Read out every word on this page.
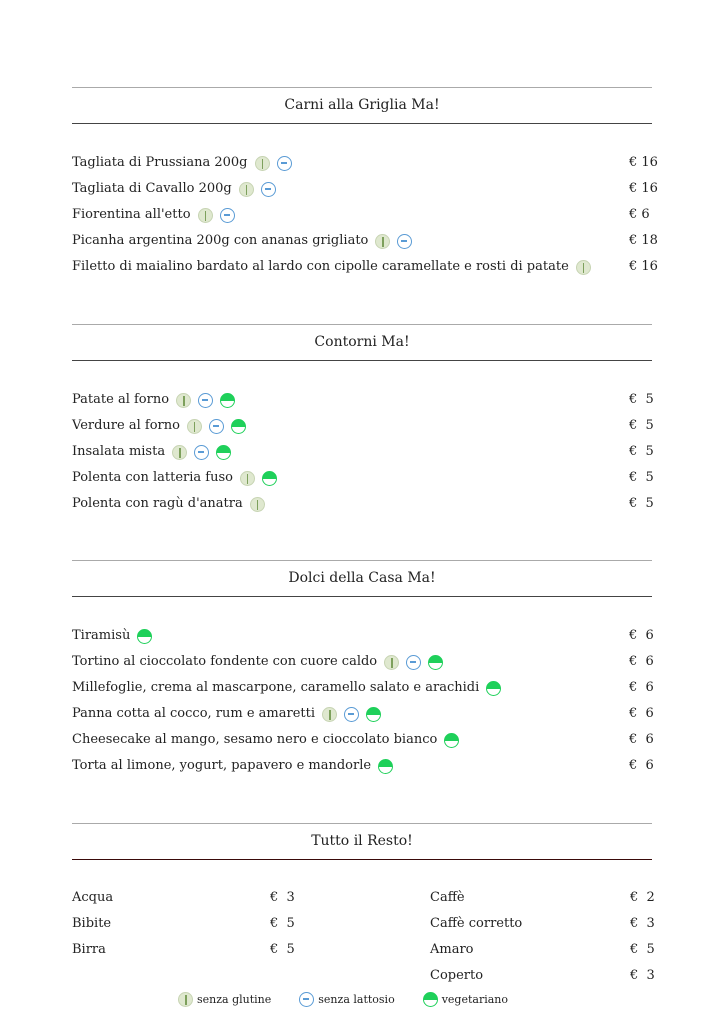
Carni alla Griglia Ma!
Tagliata di Prussiana 200g	€ 16
Tagliata di Cavallo 200g	€ 16
Fiorentina all'etto	€ 6
Picanha argentina 200g con ananas grigliato	€ 18
Filetto di maialino bardato al lardo con cipolle caramellate e rosti di patate	€ 16
Contorni Ma!
Patate al forno	€  5
Verdure al forno	€  5
Insalata mista	€  5
Polenta con latteria fuso	€  5
Polenta con ragù d'anatra	€  5
Dolci della Casa Ma!
Tiramisù	€  6
Tortino al cioccolato fondente con cuore caldo	€  6
Millefoglie, crema al mascarpone, caramello salato e arachidi	€  6
Panna cotta al cocco, rum e amaretti	€  6
Cheesecake al mango, sesamo nero e cioccolato bianco	€  6
Torta al limone, yogurt, papavero e mandorle	€  6
Tutto il Resto!
Acqua	€  3
Bibite	€  5
Birra	€  5
Caffè	€  2
Caffè corretto	€  3
Amaro	€  5
Coperto	€  3
senza glutine	senza lattosio	vegetariano
